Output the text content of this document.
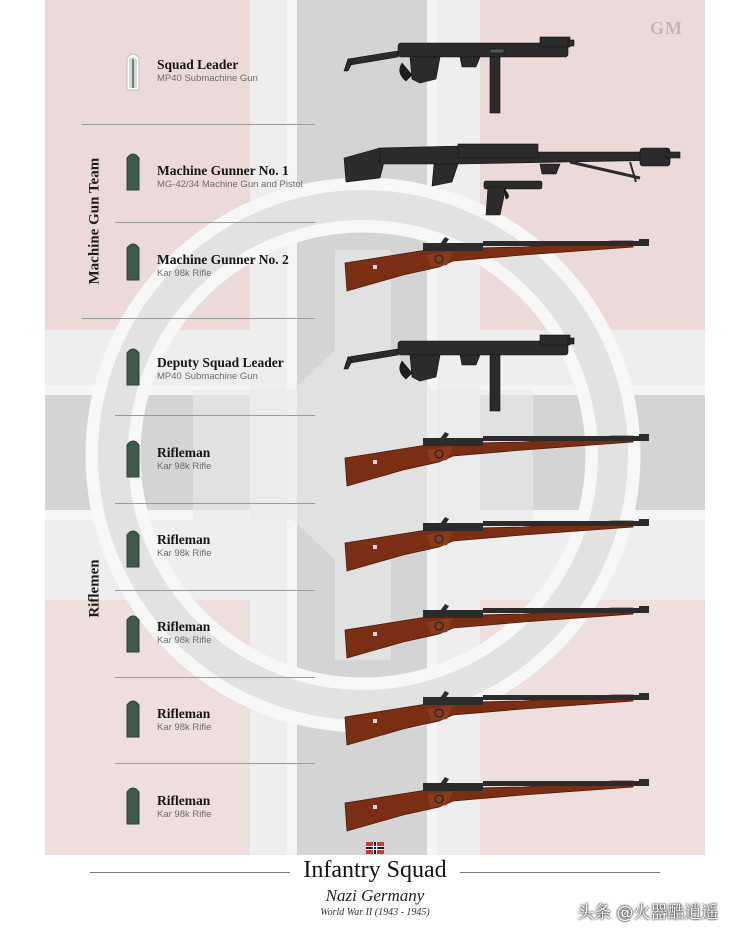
GM
Machine Gun Team
Riflemen
Squad Leader
MP40 Submachine Gun
Machine Gunner No. 1
MG-42/34 Machine Gun and Pistol
Machine Gunner No. 2
Kar 98k Rifle
Deputy Squad Leader
MP40 Submachine Gun
Rifleman
Kar 98k Rifle
Rifleman
Kar 98k Rifle
Rifleman
Kar 98k Rifle
Rifleman
Kar 98k Rifle
Rifleman
Kar 98k Rifle
Infantry Squad
Nazi Germany
World War II (1943 - 1945)	头条 @火器酷逍遥
